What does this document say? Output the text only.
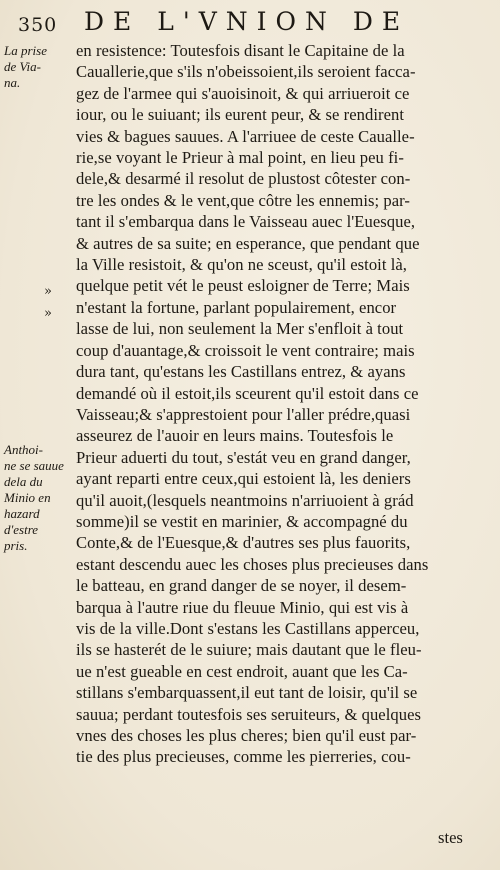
350 DE L'VNION DE
La prise
de Via-
na.
Anthoi-
ne se sauue
dela du
Minio en
hazard
d'estre
pris.
»
»
en resistence: Toutesfois disant le Capitaine de la
Cauallerie,que s'ils n'obeissoient,ils seroient facca-
gez de l'armee qui s'auoisinoit, & qui arriueroit ce
iour, ou le suiuant; ils eurent peur, & se rendirent
vies & bagues sauues. A l'arriuee de ceste Caualle-
rie,se voyant le Prieur à mal point, en lieu peu fi-
dele,& desarmé il resolut de plustost côtester con-
tre les ondes & le vent,que côtre les ennemis; par-
tant il s'embarqua dans le Vaisseau auec l'Euesque,
& autres de sa suite; en esperance, que pendant que
la Ville resistoit, & qu'on ne sceust, qu'il estoit là,
quelque petit vét le peust esloigner de Terre; Mais
n'estant la fortune, parlant populairement, encor
lasse de lui, non seulement la Mer s'enfloit à tout
coup d'auantage,& croissoit le vent contraire; mais
dura tant, qu'estans les Castillans entrez, & ayans
demandé où il estoit,ils sceurent qu'il estoit dans ce
Vaisseau;& s'apprestoient pour l'aller prédre,quasi
asseurez de l'auoir en leurs mains. Toutesfois le
Prieur aduerti du tout, s'estát veu en grand danger,
ayant reparti entre ceux,qui estoient là, les deniers
qu'il auoit,(lesquels neantmoins n'arriuoient à grád
somme)il se vestit en marinier, & accompagné du
Conte,& de l'Euesque,& d'autres ses plus fauorits,
estant descendu auec les choses plus precieuses dans
le batteau, en grand danger de se noyer, il desem-
barqua à l'autre riue du fleuue Minio, qui est vis à
vis de la ville.Dont s'estans les Castillans apperceu,
ils se hasterét de le suiure; mais dautant que le fleu-
ue n'est gueable en cest endroit, auant que les Ca-
stillans s'embarquassent,il eut tant de loisir, qu'il se
sauua; perdant toutesfois ses seruiteurs, & quelques
vnes des choses les plus cheres; bien qu'il eust par-
tie des plus precieuses, comme les pierreries, cou-
stes
